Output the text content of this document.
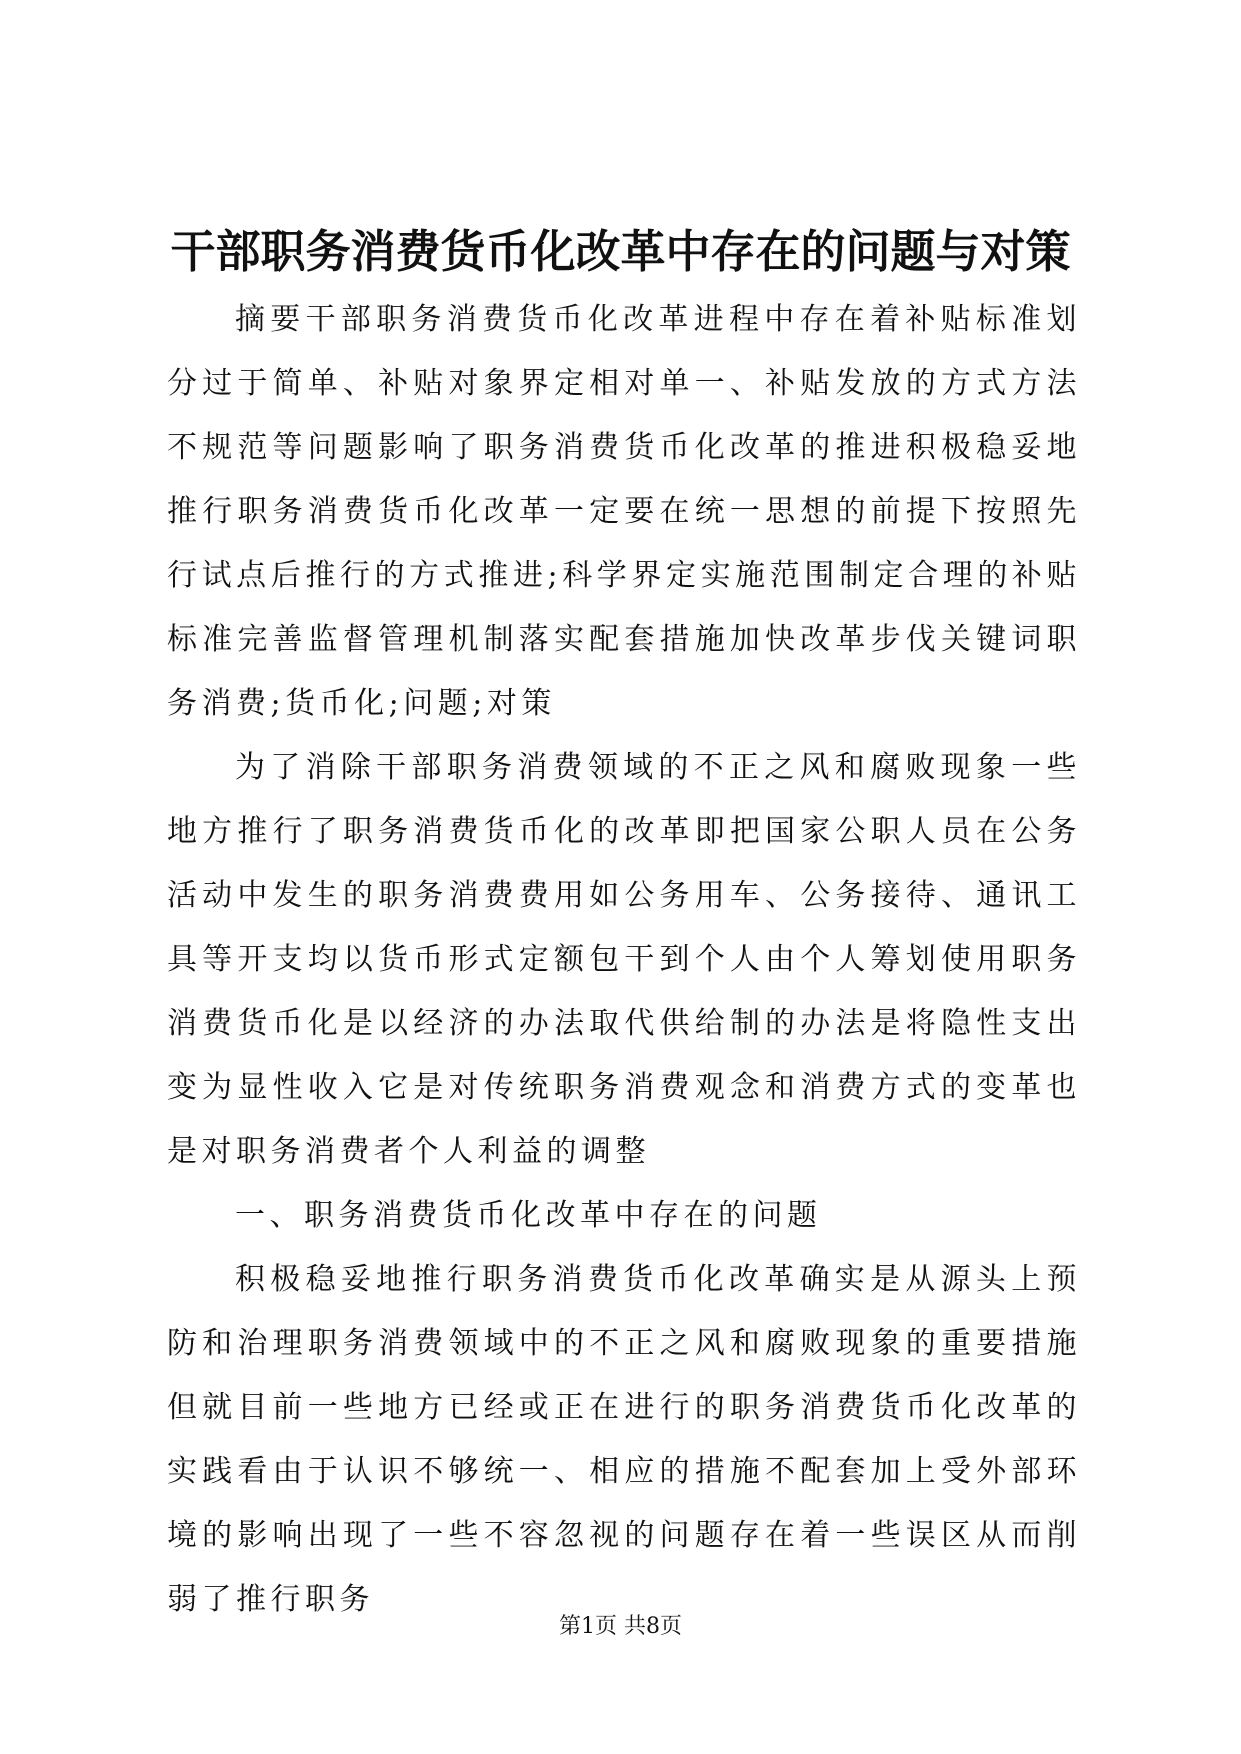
干部职务消费货币化改革中存在的问题与对策

摘要干部职务消费货币化改革进程中存在着补贴标准划分过于简单、补贴对象界定相对单一、补贴发放的方式方法不规范等问题影响了职务消费货币化改革的推进积极稳妥地推行职务消费货币化改革一定要在统一思想的前提下按照先行试点后推行的方式推进;科学界定实施范围制定合理的补贴标准完善监督管理机制落实配套措施加快改革步伐关键词职务消费;货币化;问题;对策

为了消除干部职务消费领域的不正之风和腐败现象一些地方推行了职务消费货币化的改革即把国家公职人员在公务活动中发生的职务消费费用如公务用车、公务接待、通讯工具等开支均以货币形式定额包干到个人由个人筹划使用职务消费货币化是以经济的办法取代供给制的办法是将隐性支出变为显性收入它是对传统职务消费观念和消费方式的变革也是对职务消费者个人利益的调整

一、职务消费货币化改革中存在的问题

积极稳妥地推行职务消费货币化改革确实是从源头上预防和治理职务消费领域中的不正之风和腐败现象的重要措施但就目前一些地方已经或正在进行的职务消费货币化改革的实践看由于认识不够统一、相应的措施不配套加上受外部环境的影响出现了一些不容忽视的问题存在着一些误区从而削弱了推行职务

第1页 共8页
